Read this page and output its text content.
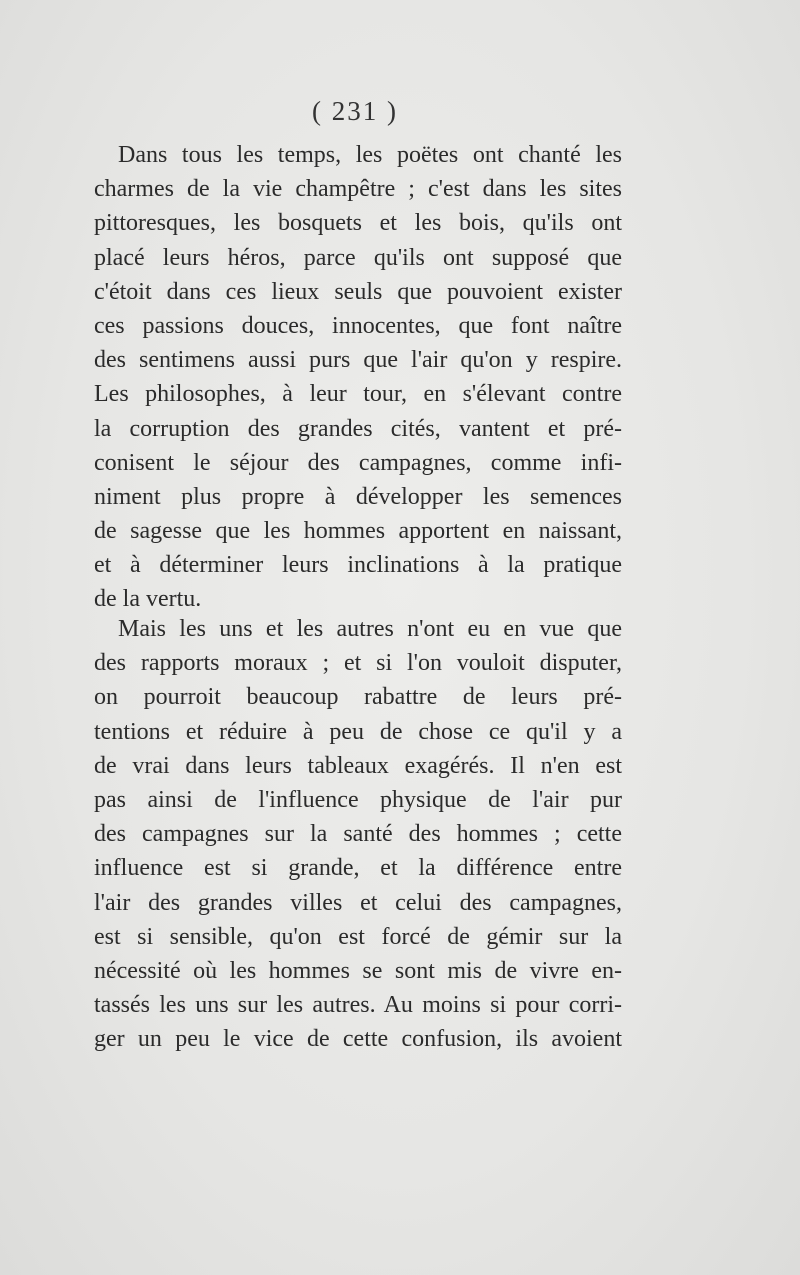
( 231 )
Dans tous les temps, les poëtes ont chanté les
charmes de la vie champêtre ; c'est dans les sites
pittoresques, les bosquets et les bois, qu'ils ont
placé leurs héros, parce qu'ils ont supposé que
c'étoit dans ces lieux seuls que pouvoient exister
ces passions douces, innocentes, que font naître
des sentimens aussi purs que l'air qu'on y respire.
Les philosophes, à leur tour, en s'élevant contre
la corruption des grandes cités, vantent et pré-
conisent le séjour des campagnes, comme infi-
niment plus propre à développer les semences
de sagesse que les hommes apportent en naissant,
et à déterminer leurs inclinations à la pratique
de la vertu.
Mais les uns et les autres n'ont eu en vue que
des rapports moraux ; et si l'on vouloit disputer,
on pourroit beaucoup rabattre de leurs pré-
tentions et réduire à peu de chose ce qu'il y a
de vrai dans leurs tableaux exagérés. Il n'en est
pas ainsi de l'influence physique de l'air pur
des campagnes sur la santé des hommes ; cette
influence est si grande, et la différence entre
l'air des grandes villes et celui des campagnes,
est si sensible, qu'on est forcé de gémir sur la
nécessité où les hommes se sont mis de vivre en-
tassés les uns sur les autres. Au moins si pour corri-
ger un peu le vice de cette confusion, ils avoient
